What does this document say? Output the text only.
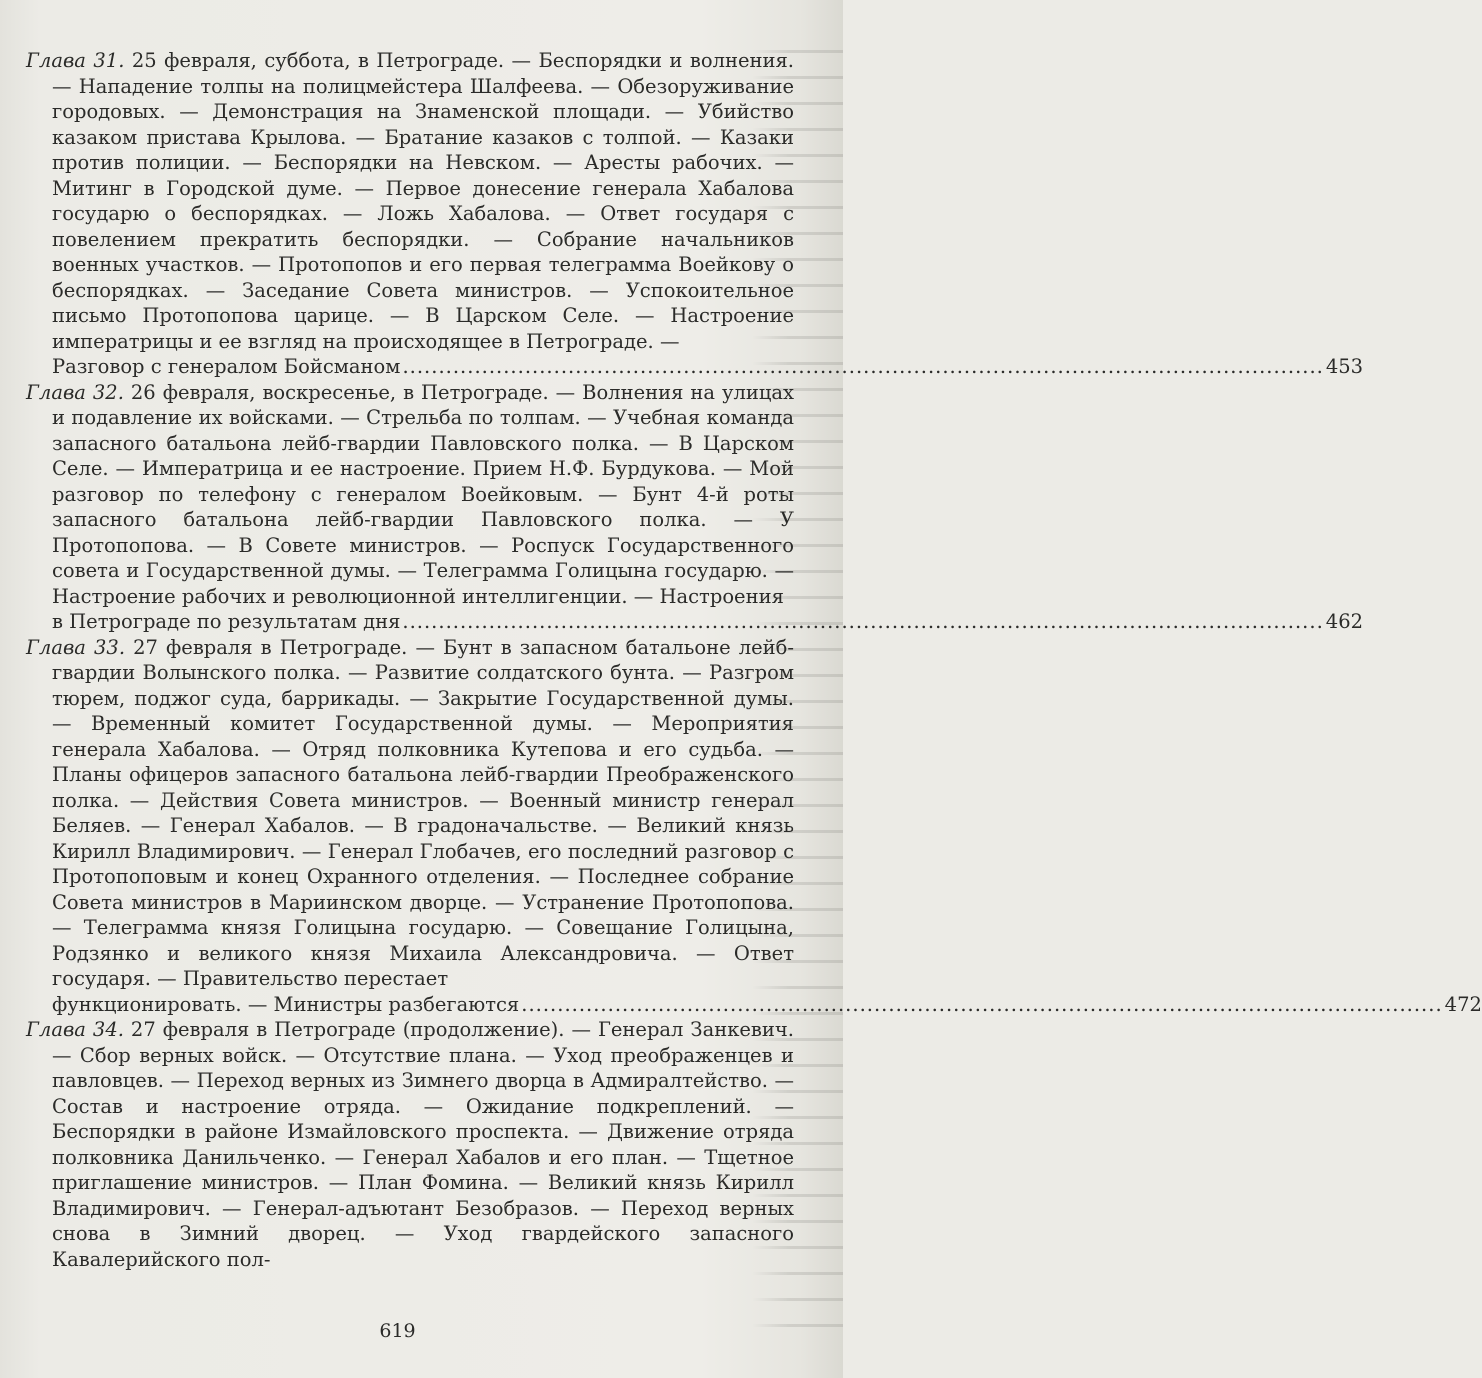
Глава 31. 25 февраля, суббота, в Петрограде. — Беспорядки и волнения. — Нападение толпы на полицмейстера Шалфеева. — Обезоруживание городовых. — Демонстрация на Знаменской площади. — Убийство казаком пристава Крылова. — Братание казаков с толпой. — Казаки против полиции. — Беспорядки на Невском. — Аресты рабочих. — Митинг в Городской думе. — Первое донесение генерала Хабалова государю о беспорядках. — Ложь Хабалова. — Ответ государя с повелением прекратить беспорядки. — Собрание начальников военных участков. — Протопопов и его первая телеграмма Воейкову о беспорядках. — Заседание Совета министров. — Успокоительное письмо Протопопова царице. — В Царском Селе. — Настроение императрицы и ее взгляд на происходящее в Петрограде. —

Разговор с генералом Бойсманом ................................................................................................................................ 453

Глава 32. 26 февраля, воскресенье, в Петрограде. — Волнения на улицах и подавление их войсками. — Стрельба по толпам. — Учебная команда запасного батальона лейб-гвардии Павловского полка. — В Царском Селе. — Императрица и ее настроение. Прием Н.Ф. Бурдукова. — Мой разговор по телефону с генералом Воейковым. — Бунт 4-й роты запасного батальона лейб-гвардии Павловского полка. — У Протопопова. — В Совете министров. — Роспуск Государственного совета и Государственной думы. — Телеграмма Голицына государю. — Настроение рабочих и революционной интеллигенции. — Настроения

в Петрограде по результатам дня ................................................................................................................................ 462

Глава 33. 27 февраля в Петрограде. — Бунт в запасном батальоне лейб-гвардии Волынского полка. — Развитие солдатского бунта. — Разгром тюрем, поджог суда, баррикады. — Закрытие Государственной думы. — Временный комитет Государственной думы. — Мероприятия генерала Хабалова. — Отряд полковника Кутепова и его судьба. — Планы офицеров запасного батальона лейб-гвардии Преображенского полка. — Действия Совета министров. — Военный министр генерал Беляев. — Генерал Хабалов. — В градоначальстве. — Великий князь Кирилл Владимирович. — Генерал Глобачев, его последний разговор с Протопоповым и конец Охранного отделения. — Последнее собрание Совета министров в Мариинском дворце. — Устранение Протопопова. — Телеграмма князя Голицына государю. — Совещание Голицына, Родзянко и великого князя Михаила Александровича. — Ответ государя. — Правительство перестает

функционировать. — Министры разбегаются ................................................................................................................................ 472

Глава 34. 27 февраля в Петрограде (продолжение). — Генерал Занкевич. — Сбор верных войск. — Отсутствие плана. — Уход преображенцев и павловцев. — Переход верных из Зимнего дворца в Адмиралтейство. — Состав и настроение отряда. — Ожидание подкреплений. — Беспорядки в районе Измайловского проспекта. — Движение отряда полковника Данильченко. — Генерал Хабалов и его план. — Тщетное приглашение министров. — План Фомина. — Великий князь Кирилл Владимирович. — Генерал-адъютант Безобразов. — Переход верных снова в Зимний дворец. — Уход гвардейского запасного Кавалерийского пол-

619
